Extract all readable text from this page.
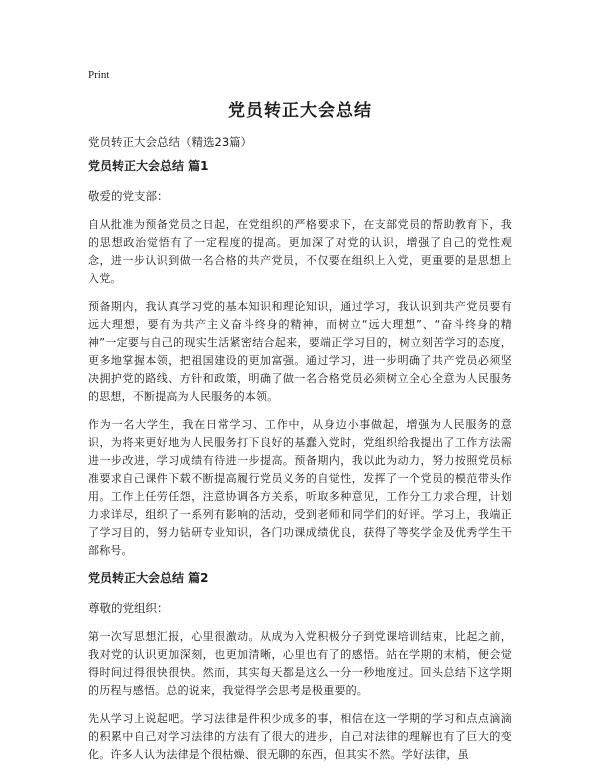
Print
党员转正大会总结

党员转正大会总结（精选23篇）

党员转正大会总结 篇1

敬爱的党支部：

自从批准为预备党员之日起，在党组织的严格要求下，在支部党员的帮助教育下，我的思想政治觉悟有了一定程度的提高。更加深了对党的认识，增强了自己的党性观念，进一步认识到做一名合格的共产党员，不仅要在组织上入党，更重要的是思想上入党。

预备期内，我认真学习党的基本知识和理论知识，通过学习，我认识到共产党员要有远大理想，要有为共产主义奋斗终身的精神，而树立“远大理想”、“奋斗终身的精神”一定要与自己的现实生活紧密结合起来，要端正学习目的，树立刻苦学习的态度，更多地掌握本领，把祖国建设的更加富强。通过学习，进一步明确了共产党员必须坚决拥护党的路线、方针和政策，明确了做一名合格党员必须树立全心全意为人民服务的思想，不断提高为人民服务的本领。

作为一名大学生，我在日常学习、工作中，从身边小事做起，增强为人民服务的意识，为将来更好地为人民服务打下良好的基蠢入党时，党组织给我提出了工作方法需进一步改进，学习成绩有待进一步提高。预备期内，我以此为动力，努力按照党员标准要求自己课件下载不断提高履行党员义务的自觉性，发挥了一个党员的模范带头作用。工作上任劳任怨，注意协调各方关系，听取多种意见，工作分工力求合理，计划力求详尽，组织了一系列有影响的活动，受到老师和同学们的好评。学习上，我端正了学习目的，努力钻研专业知识，各门功课成绩优良，获得了等奖学金及优秀学生干部称号。

党员转正大会总结 篇2

尊敬的党组织：

第一次写思想汇报，心里很激动。从成为入党积极分子到党课培训结束，比起之前，我对党的认识更加深刻，也更加清晰，心里也有了的感悟。站在学期的末梢，便会觉得时间过得很快很快。然而，其实每天都是这么一分一秒地度过。回头总结下这学期的历程与感悟。总的说来，我觉得学会思考是极重要的。

先从学习上说起吧。学习法律是件积少成多的事，相信在这一学期的学习和点点滴滴的积累中自己对学习法律的方法有了很大的进步，自己对法律的理解也有了巨大的变化。许多人认为法律是个很枯燥、很无聊的东西，但其实不然。学好法律，虽
